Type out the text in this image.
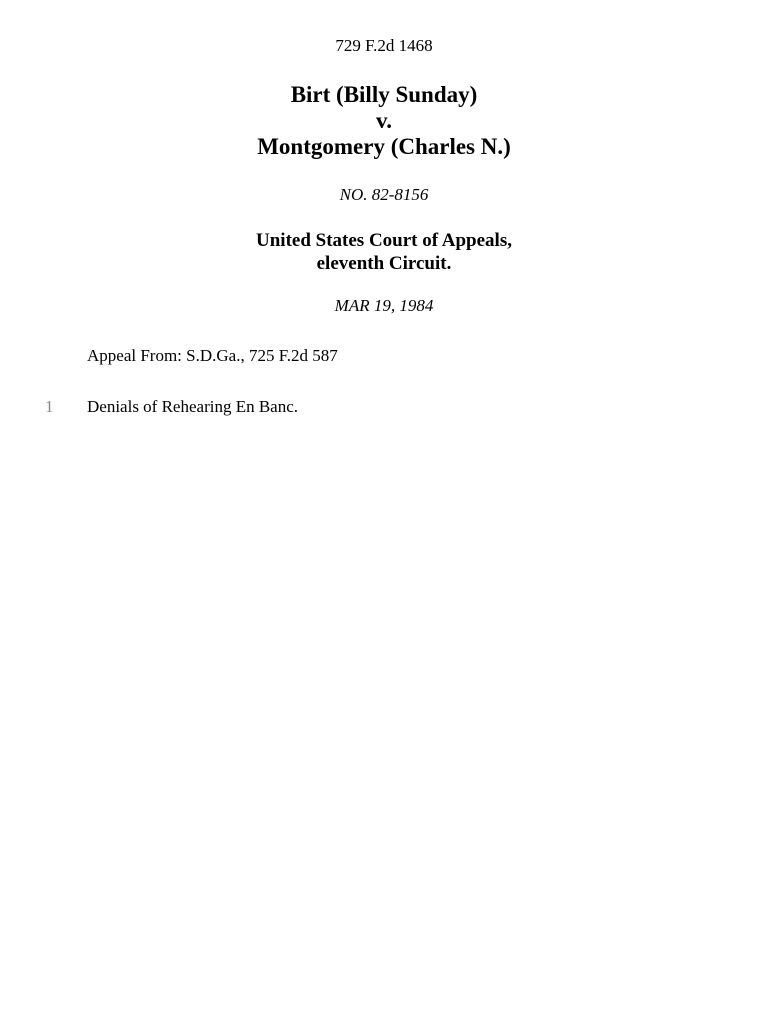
729 F.2d 1468
Birt (Billy Sunday)
v.
Montgomery (Charles N.)
NO. 82-8156
United States Court of Appeals,
eleventh Circuit.
MAR 19, 1984
Appeal From: S.D.Ga., 725 F.2d 587
1 Denials of Rehearing En Banc.
